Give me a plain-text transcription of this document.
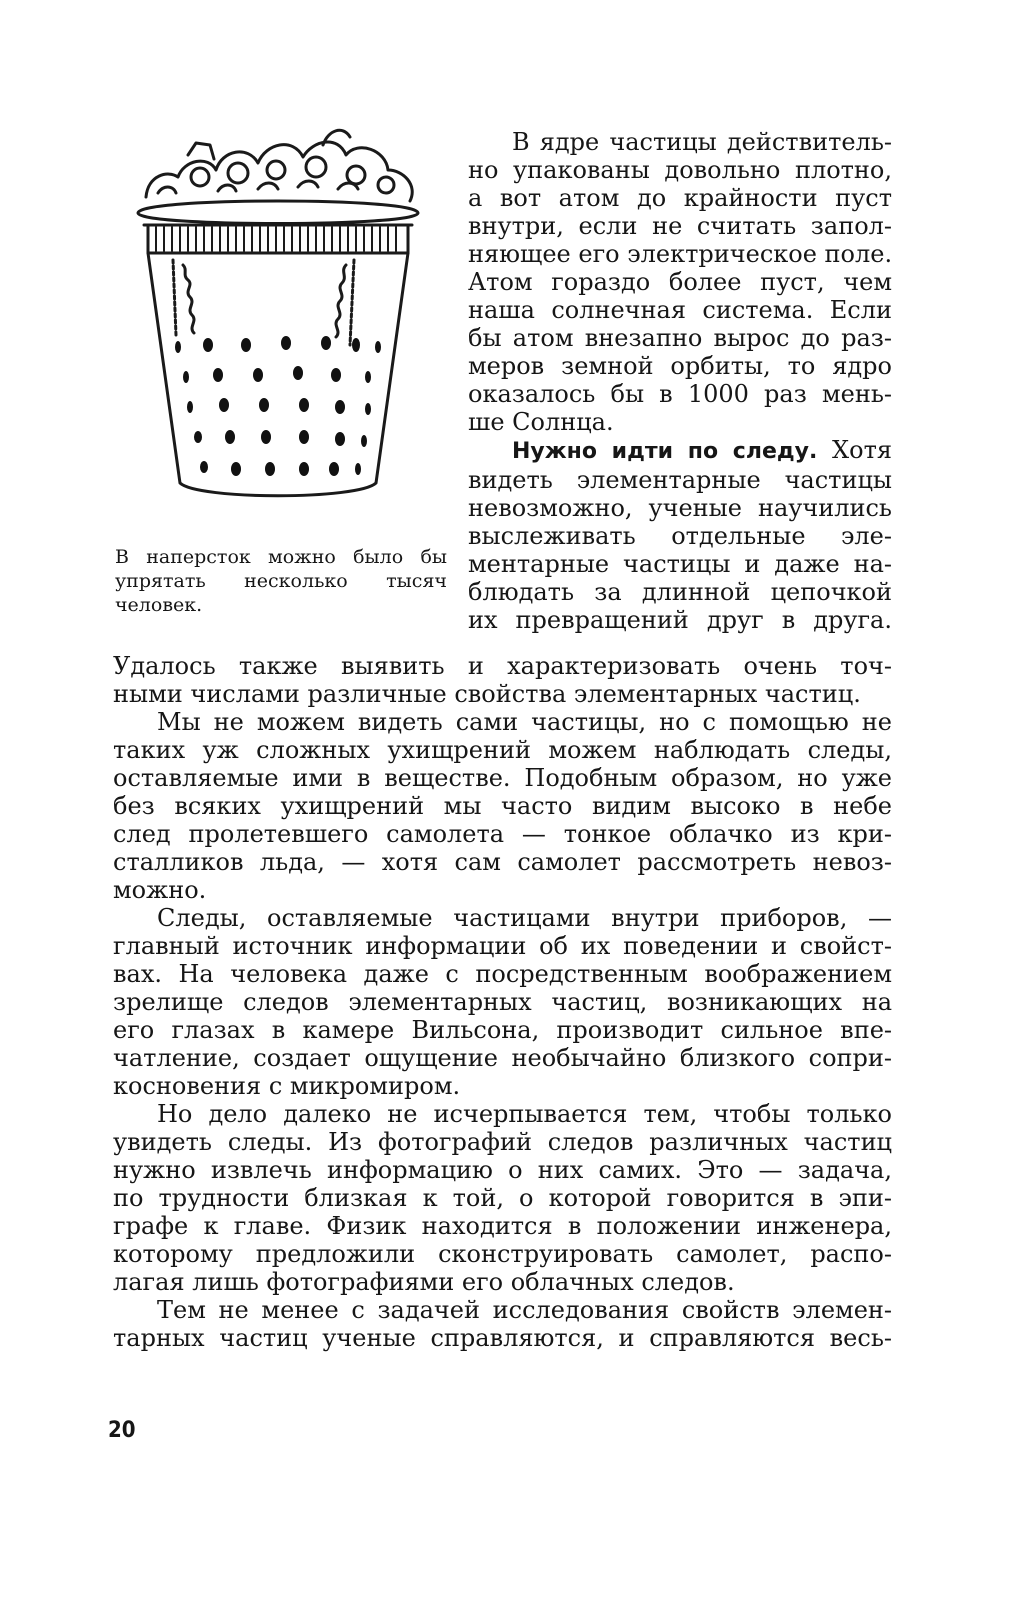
В наперсток можно было бы
упрятать несколько тысяч
человек.
В ядре частицы действитель-
но упакованы довольно плотно,
а вот атом до крайности пуст
внутри, если не считать запол-
няющее его электрическое поле.
Атом гораздо более пуст, чем
наша солнечная система. Если
бы атом внезапно вырос до раз-
меров земной орбиты, то ядро
оказалось бы в 1000 раз мень-
ше Солнца.
Нужно идти по следу. Хотя
видеть элементарные частицы
невозможно, ученые научились
выслеживать отдельные эле-
ментарные частицы и даже на-
блюдать за длинной цепочкой
их превращений друг в друга.
Удалось также выявить и характеризовать очень точ-
ными числами различные свойства элементарных частиц.
Мы не можем видеть сами частицы, но с помощью не
таких уж сложных ухищрений можем наблюдать следы,
оставляемые ими в веществе. Подобным образом, но уже
без всяких ухищрений мы часто видим высоко в небе
след пролетевшего самолета — тонкое облачко из кри-
сталликов льда, — хотя сам самолет рассмотреть невоз-
можно.
Следы, оставляемые частицами внутри приборов, —
главный источник информации об их поведении и свойст-
вах. На человека даже с посредственным воображением
зрелище следов элементарных частиц, возникающих на
его глазах в камере Вильсона, производит сильное впе-
чатление, создает ощущение необычайно близкого сопри-
косновения с микромиром.
Но дело далеко не исчерпывается тем, чтобы только
увидеть следы. Из фотографий следов различных частиц
нужно извлечь информацию о них самих. Это — задача,
по трудности близкая к той, о которой говорится в эпи-
графе к главе. Физик находится в положении инженера,
которому предложили сконструировать самолет, распо-
лагая лишь фотографиями его облачных следов.
Тем не менее с задачей исследования свойств элемен-
тарных частиц ученые справляются, и справляются весь-
20
